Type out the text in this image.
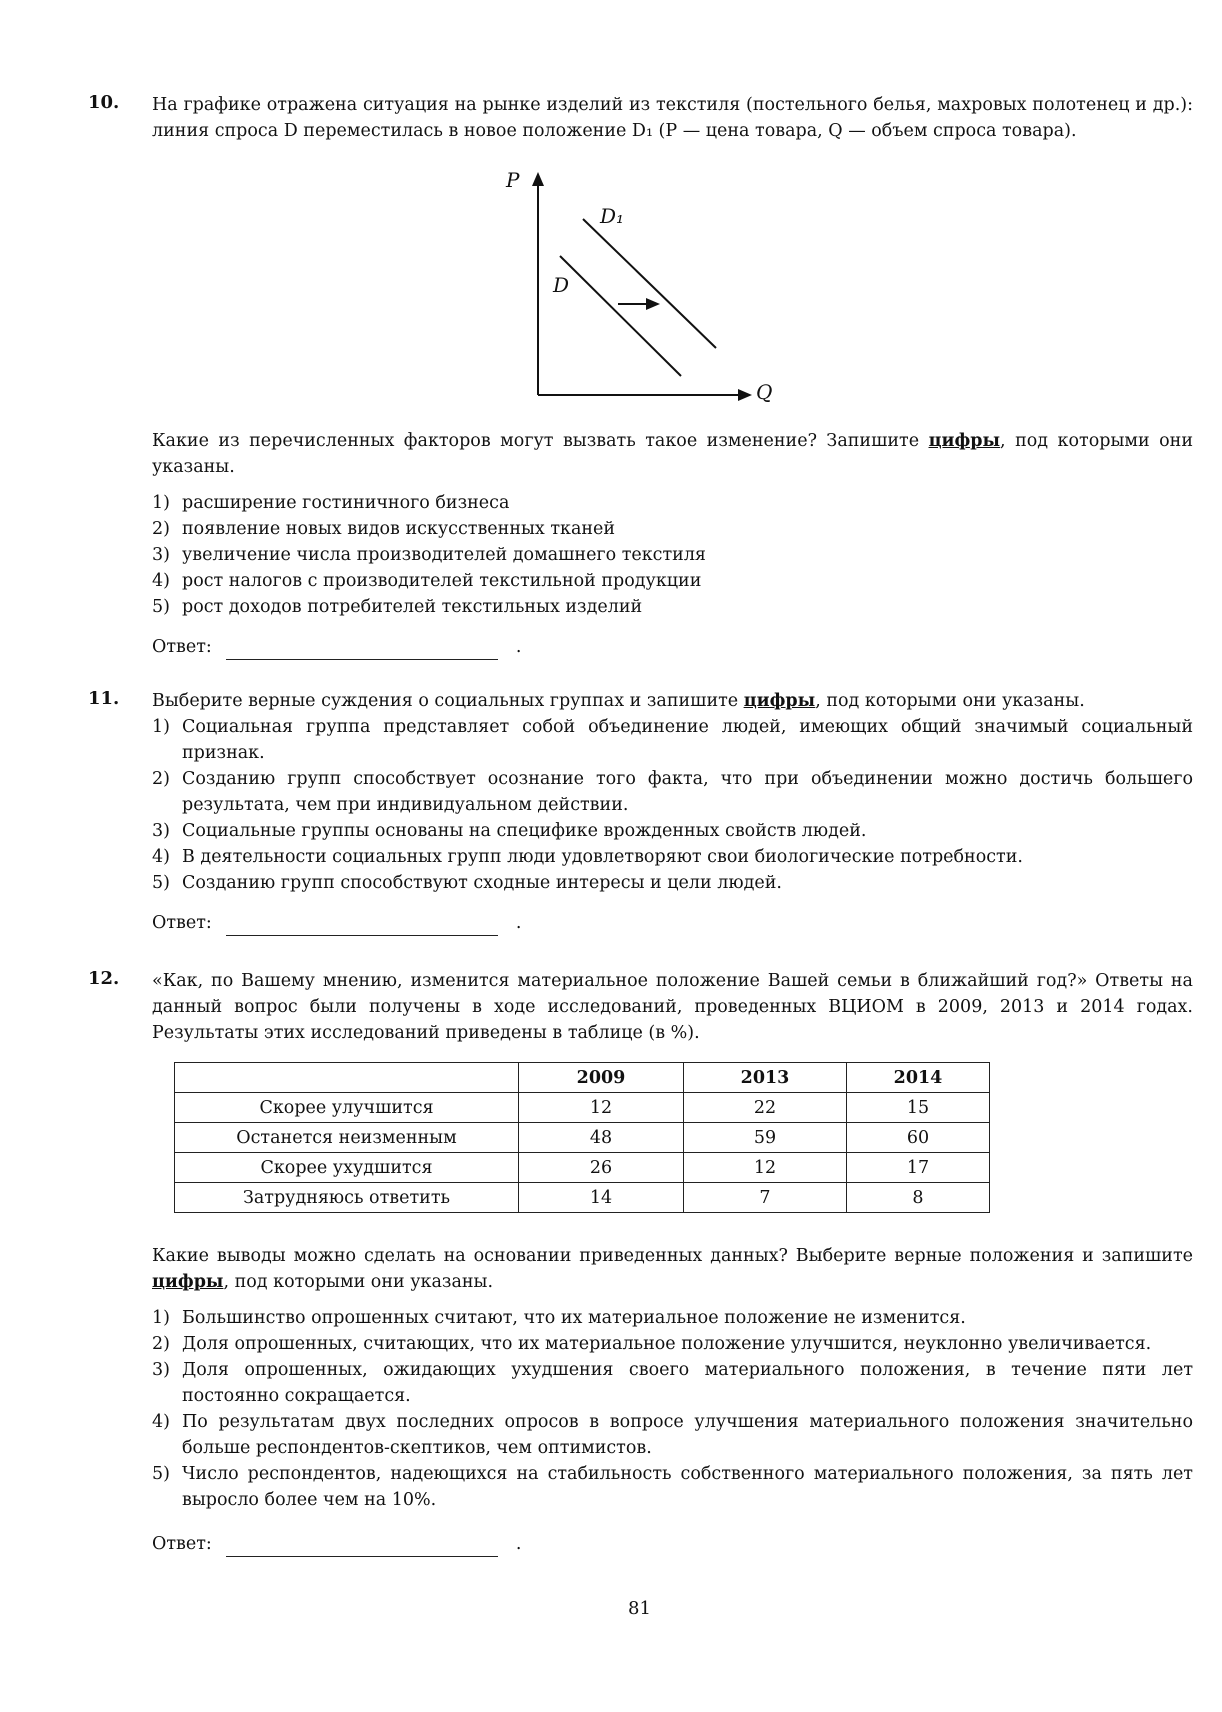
10. На графике отражена ситуация на рынке изделий из текстиля (постельного белья, махровых полотенец и др.): линия спроса D переместилась в новое положение D₁ (P — цена товара, Q — объем спроса товара).

P
Q
D
D₁

Какие из перечисленных факторов могут вызвать такое изменение? Запишите цифры, под которыми они указаны.

1) расширение гостиничного бизнеса
2) появление новых видов искусственных тканей
3) увеличение числа производителей домашнего текстиля
4) рост налогов с производителей текстильной продукции
5) рост доходов потребителей текстильных изделий
Ответ:	.
11. Выберите верные суждения о социальных группах и запишите цифры, под которыми они указаны.

1) Социальная группа представляет собой объединение людей, имеющих общий значимый социальный признак.
2) Созданию групп способствует осознание того факта, что при объединении можно достичь большего результата, чем при индивидуальном действии.
3) Социальные группы основаны на специфике врожденных свойств людей.
4) В деятельности социальных групп люди удовлетворяют свои биологические потребности.
5) Созданию групп способствуют сходные интересы и цели людей.
Ответ:	.
12. «Как, по Вашему мнению, изменится материальное положение Вашей семьи в ближайший год?» Ответы на данный вопрос были получены в ходе исследований, проведенных ВЦИОМ в 2009, 2013 и 2014 годах. Результаты этих исследований приведены в таблице (в %).

	2009	2013	2014
Скорее улучшится	12	22	15
Останется неизменным	48	59	60
Скорее ухудшится	26	12	17
Затрудняюсь ответить	14	7	8

Какие выводы можно сделать на основании приведенных данных? Выберите верные положения и запишите цифры, под которыми они указаны.

1) Большинство опрошенных считают, что их материальное положение не изменится.
2) Доля опрошенных, считающих, что их материальное положение улучшится, неуклонно увеличивается.
3) Доля опрошенных, ожидающих ухудшения своего материального положения, в течение пяти лет постоянно сокращается.
4) По результатам двух последних опросов в вопросе улучшения материального положения значительно больше респондентов-скептиков, чем оптимистов.
5) Число респондентов, надеющихся на стабильность собственного материального положения, за пять лет выросло более чем на 10%.
Ответ:	.
81
